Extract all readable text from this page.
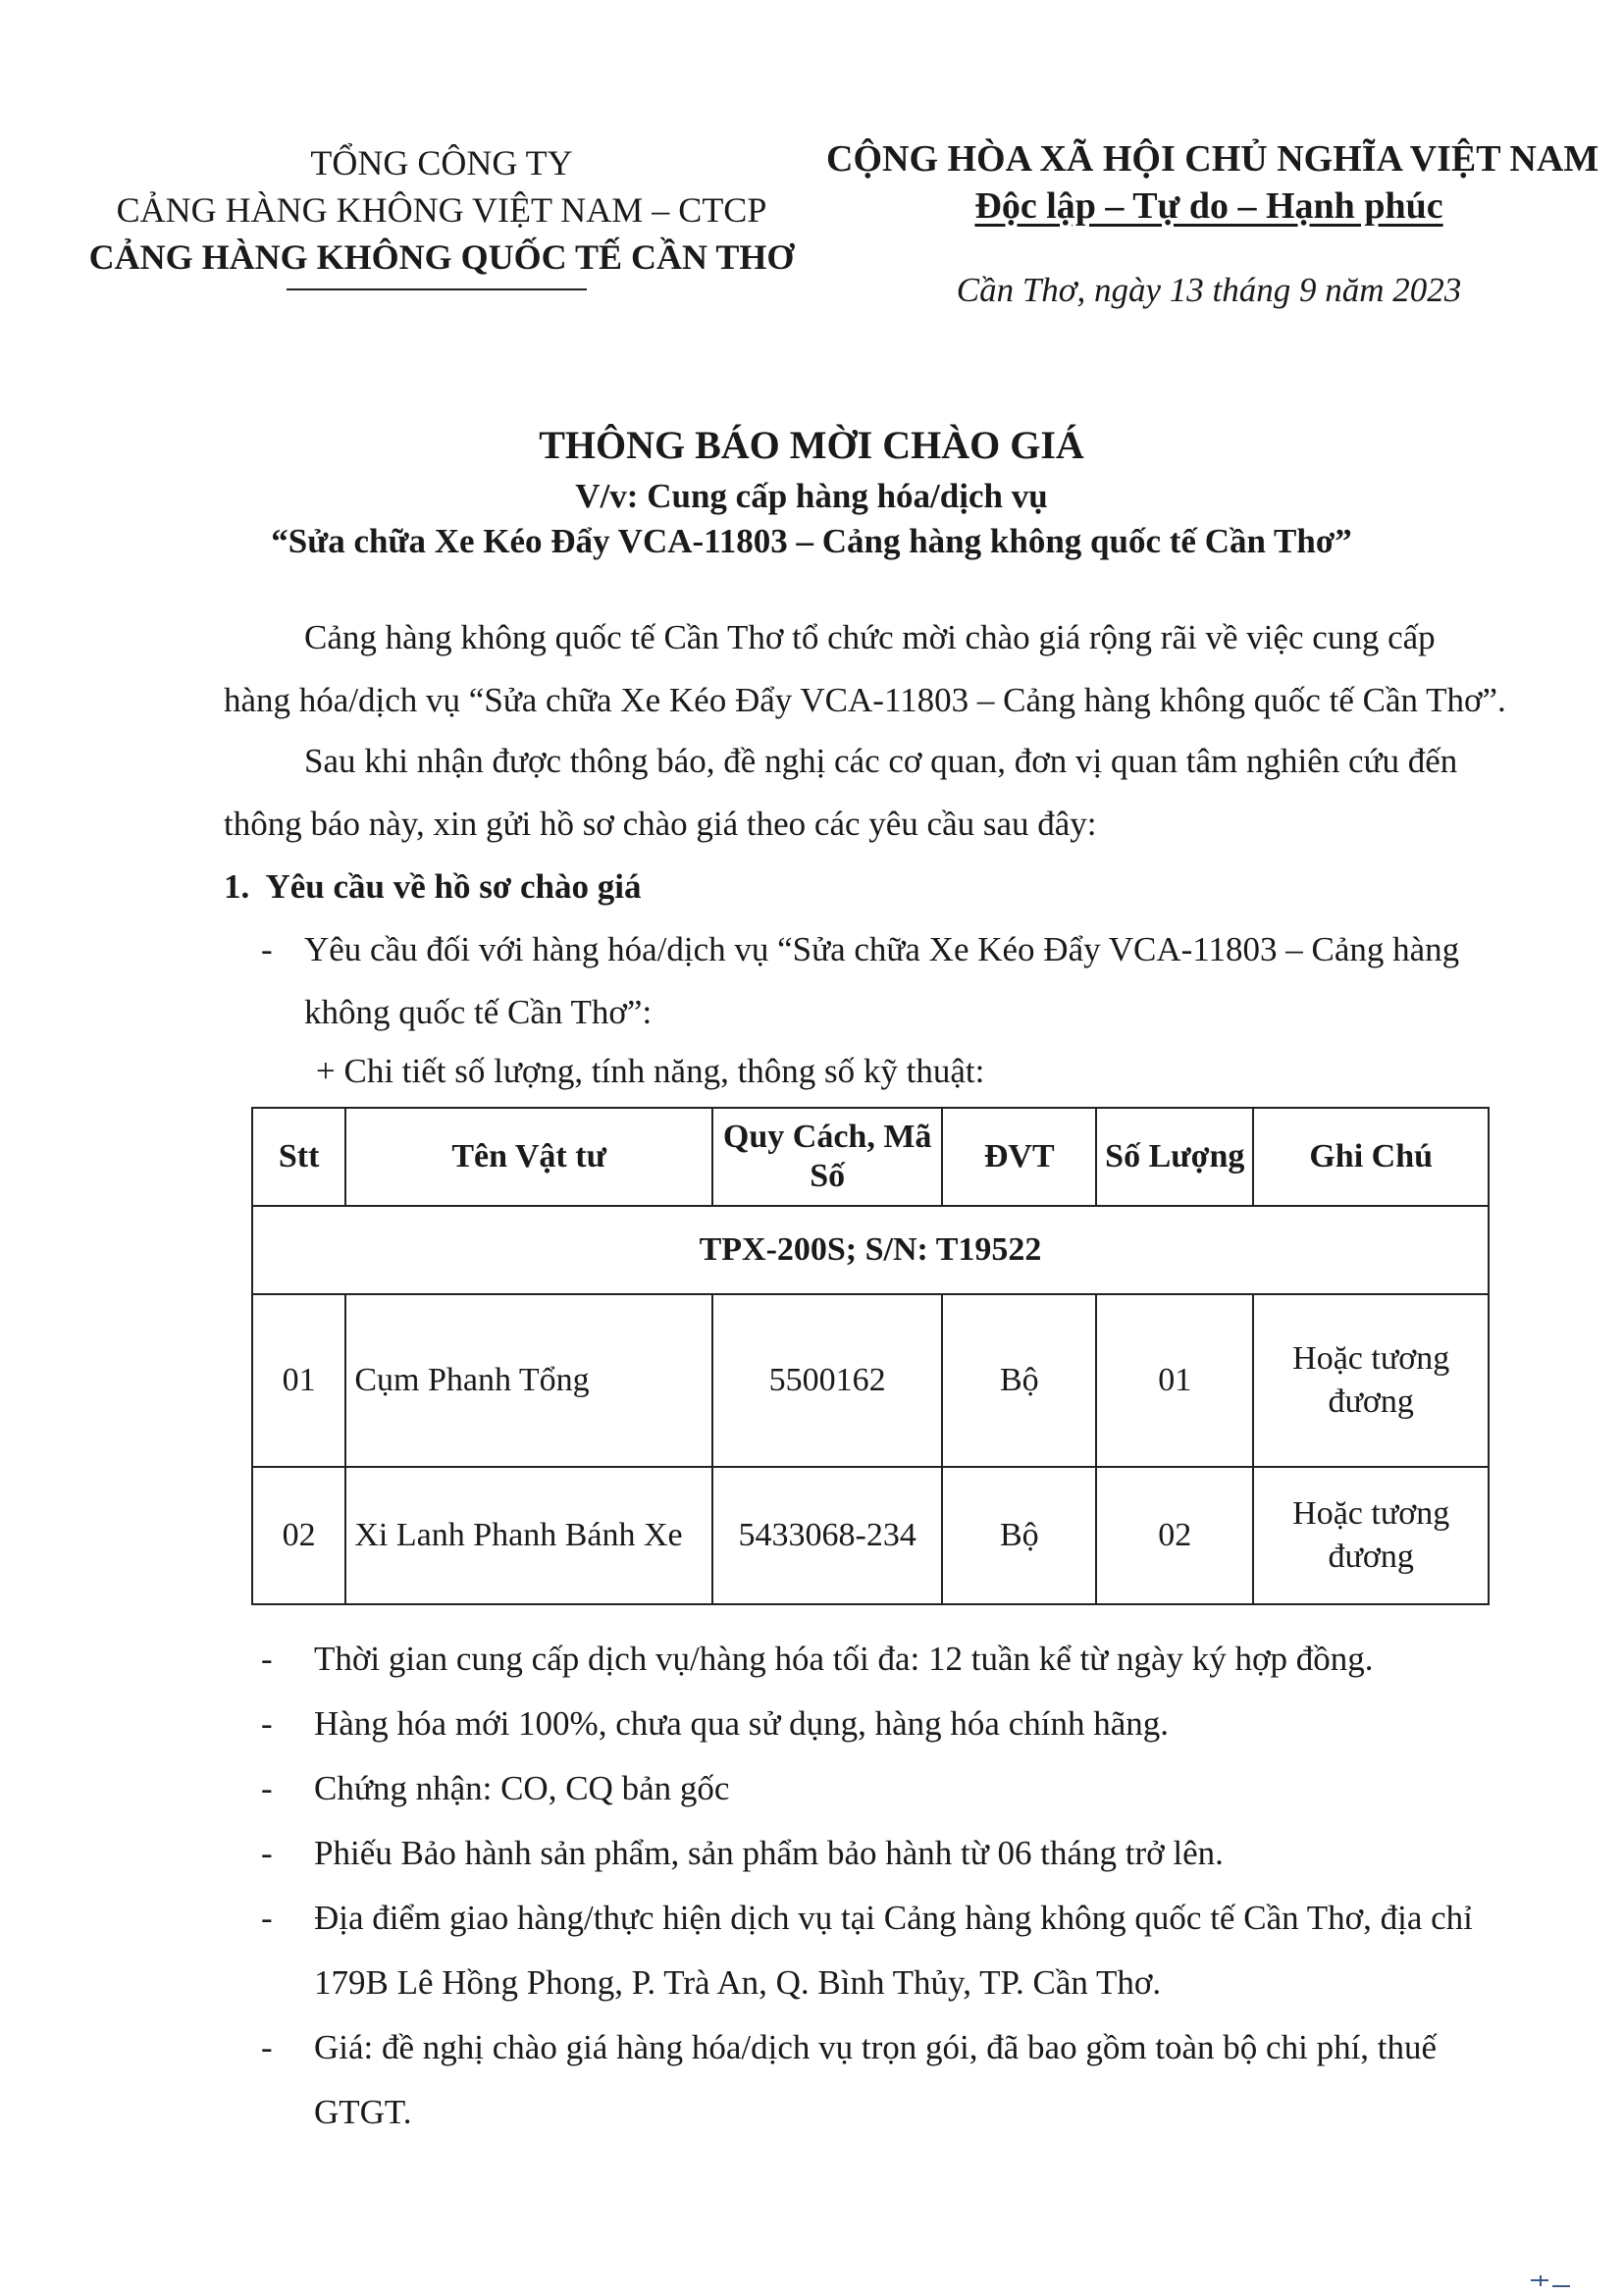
TỔNG CÔNG TY
CẢNG HÀNG KHÔNG VIỆT NAM – CTCP
CẢNG HÀNG KHÔNG QUỐC TẾ CẦN THƠ
CỘNG HÒA XÃ HỘI CHỦ NGHĨA VIỆT NAM
Độc lập – Tự do – Hạnh phúc
Cần Thơ, ngày 13 tháng 9 năm 2023
THÔNG BÁO MỜI CHÀO GIÁ
V/v: Cung cấp hàng hóa/dịch vụ
“Sửa chữa Xe Kéo Đẩy VCA-11803 – Cảng hàng không quốc tế Cần Thơ”
Cảng hàng không quốc tế Cần Thơ tổ chức mời chào giá rộng rãi về việc cung cấp
hàng hóa/dịch vụ “Sửa chữa Xe Kéo Đẩy VCA-11803 – Cảng hàng không quốc tế Cần Thơ”.
Sau khi nhận được thông báo, đề nghị các cơ quan, đơn vị quan tâm nghiên cứu đến
thông báo này, xin gửi hồ sơ chào giá theo các yêu cầu sau đây:
1.  Yêu cầu về hồ sơ chào giá
- Yêu cầu đối với hàng hóa/dịch vụ “Sửa chữa Xe Kéo Đẩy VCA-11803 – Cảng hàng
không quốc tế Cần Thơ”:
+ Chi tiết số lượng, tính năng, thông số kỹ thuật:
Stt	Tên Vật tư	Quy Cách, Mã Số	ĐVT	Số Lượng	Ghi Chú
TPX-200S; S/N: T19522					
01	Cụm Phanh Tổng	5500162	Bộ	01	Hoặc tương đương
02	Xi Lanh Phanh Bánh Xe	5433068-234	Bộ	02	Hoặc tương đương
-	Thời gian cung cấp dịch vụ/hàng hóa tối đa: 12 tuần kể từ ngày ký hợp đồng.
-	Hàng hóa mới 100%, chưa qua sử dụng, hàng hóa chính hãng.
-	Chứng nhận: CO, CQ bản gốc
-	Phiếu Bảo hành sản phẩm, sản phẩm bảo hành từ 06 tháng trở lên.
-	Địa điểm giao hàng/thực hiện dịch vụ tại Cảng hàng không quốc tế Cần Thơ, địa chỉ 179B Lê Hồng Phong, P. Trà An, Q. Bình Thủy, TP. Cần Thơ.
-	Giá: đề nghị chào giá hàng hóa/dịch vụ trọn gói, đã bao gồm toàn bộ chi phí, thuế GTGT.
